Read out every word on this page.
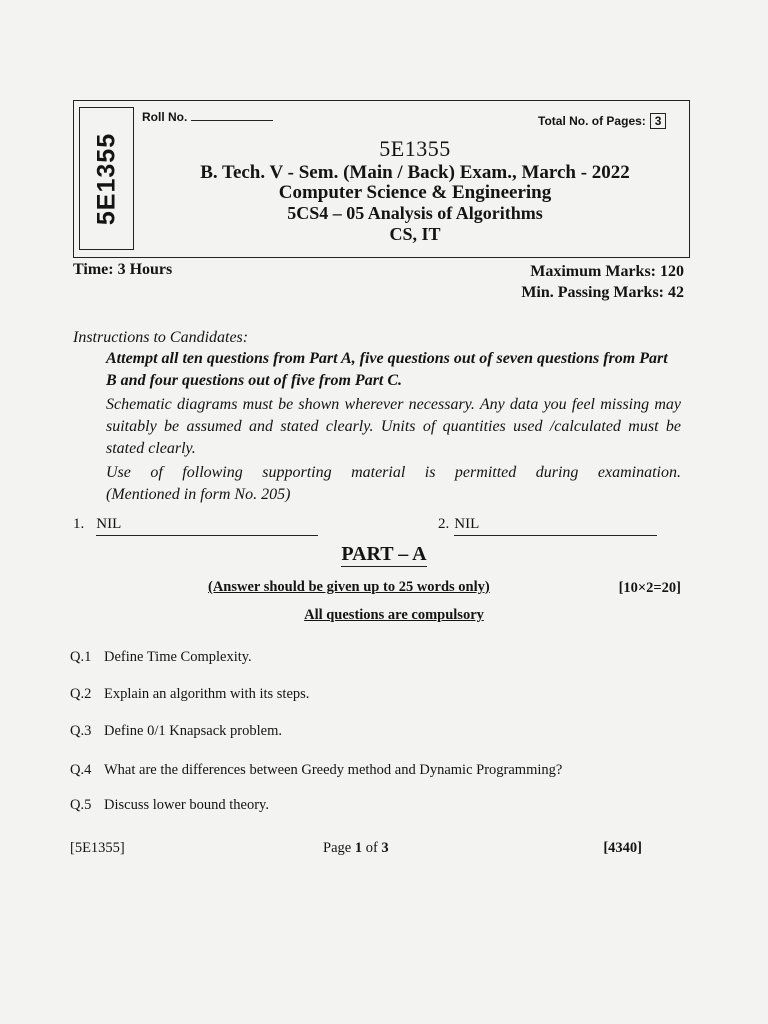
5E1355
Roll No.	Total No. of Pages: 3
5E1355
B. Tech. V - Sem. (Main / Back) Exam., March - 2022
Computer Science & Engineering
5CS4 – 05 Analysis of Algorithms
CS, IT
Time: 3 Hours	Maximum Marks: 120
Min. Passing Marks: 42
Instructions to Candidates:
Attempt all ten questions from Part A, five questions out of seven questions from Part B and four questions out of five from Part C.
Schematic diagrams must be shown wherever necessary. Any data you feel missing may suitably be assumed and stated clearly. Units of quantities used /calculated must be stated clearly.
Use of following supporting material is permitted during examination.
(Mentioned in form No. 205)
1. NIL	2. NIL
PART – A
(Answer should be given up to 25 words only)	[10×2=20]
All questions are compulsory
Q.1 Define Time Complexity.
Q.2 Explain an algorithm with its steps.
Q.3 Define 0/1 Knapsack problem.
Q.4 What are the differences between Greedy method and Dynamic Programming?
Q.5 Discuss lower bound theory.
[5E1355]	Page 1 of 3	[4340]
